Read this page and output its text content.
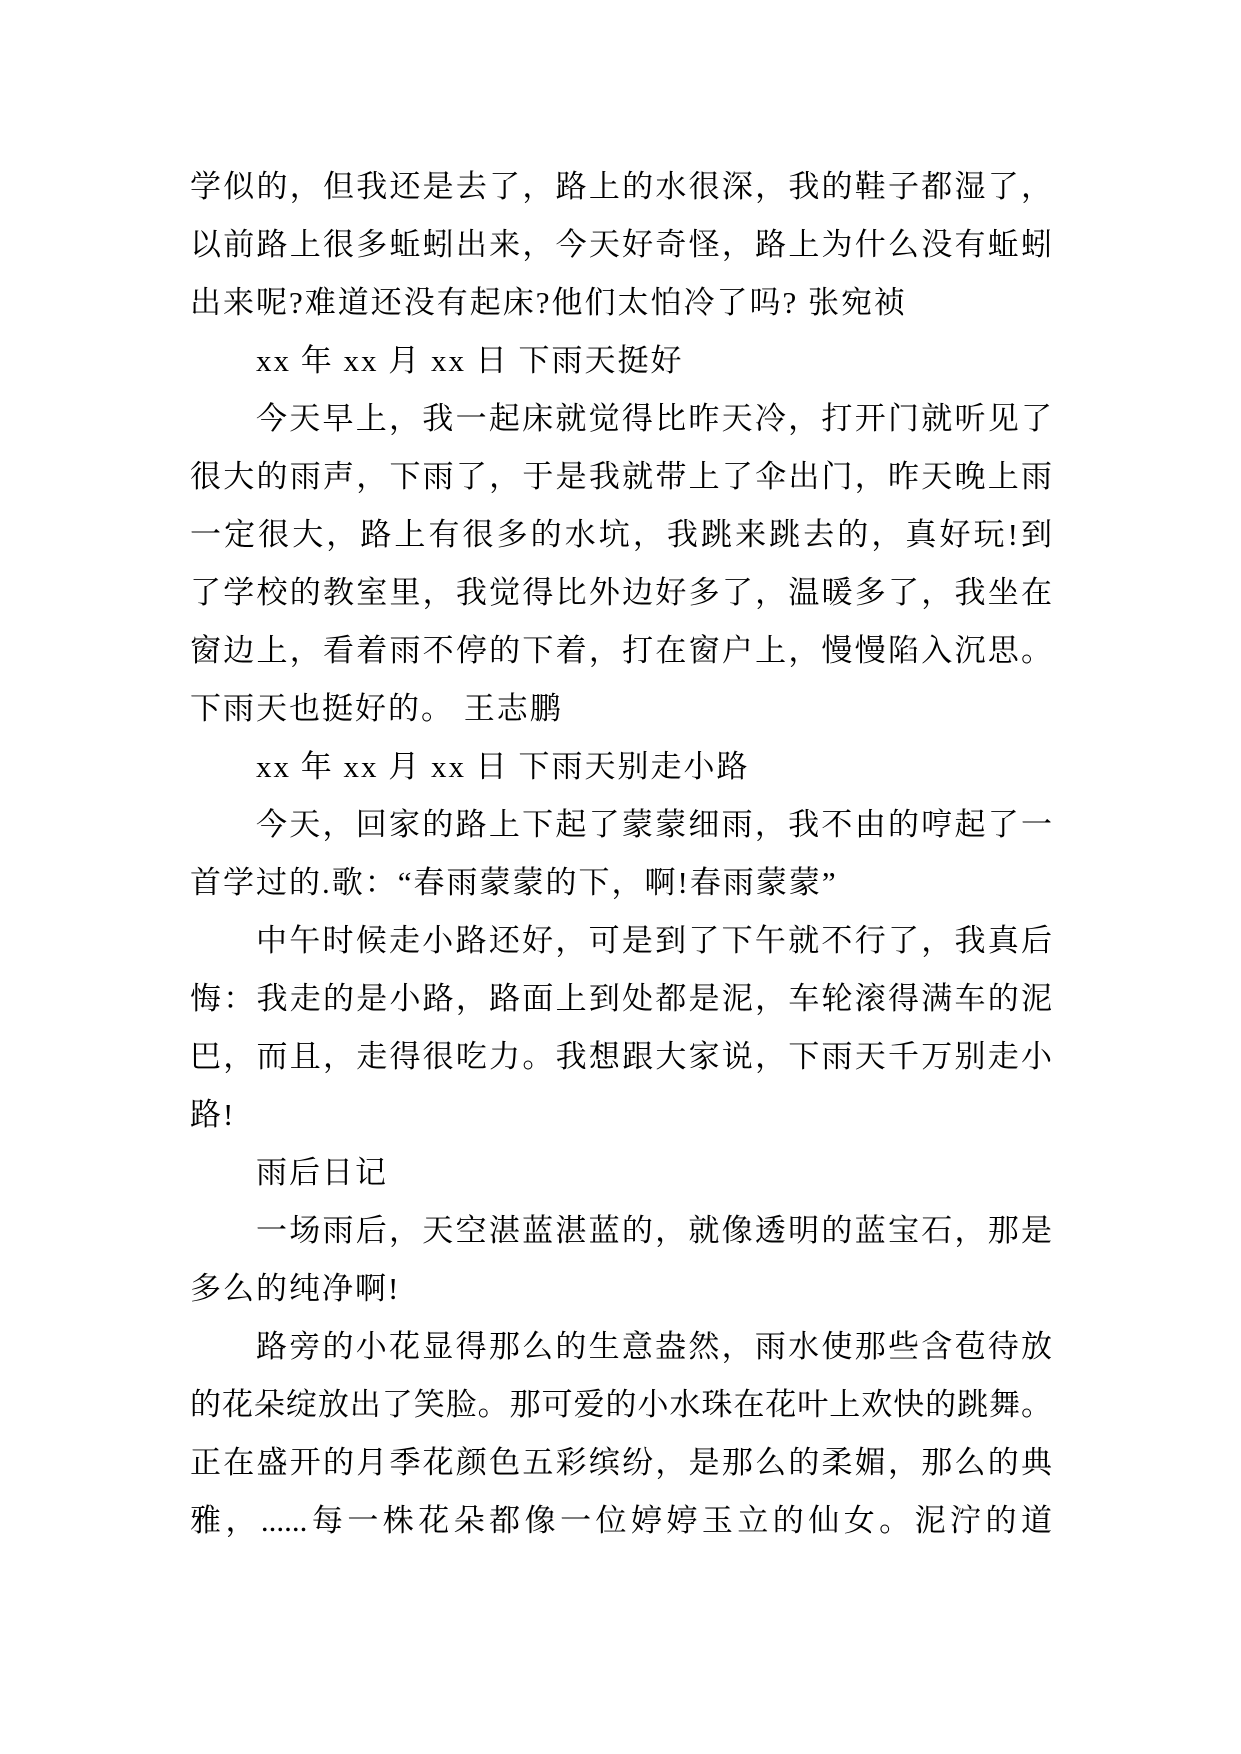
学似的，但我还是去了，路上的水很深，我的鞋子都湿了，
以前路上很多蚯蚓出来，今天好奇怪，路上为什么没有蚯蚓
出来呢?难道还没有起床?他们太怕冷了吗? 张宛祯
xx 年 xx 月 xx 日 下雨天挺好
今天早上，我一起床就觉得比昨天冷，打开门就听见了
很大的雨声，下雨了，于是我就带上了伞出门，昨天晚上雨
一定很大，路上有很多的水坑，我跳来跳去的，真好玩!到
了学校的教室里，我觉得比外边好多了，温暖多了，我坐在
窗边上，看着雨不停的下着，打在窗户上，慢慢陷入沉思。
下雨天也挺好的。 王志鹏
xx 年 xx 月 xx 日 下雨天别走小路
今天，回家的路上下起了蒙蒙细雨，我不由的哼起了一
首学过的.歌：“春雨蒙蒙的下，啊!春雨蒙蒙”
中午时候走小路还好，可是到了下午就不行了，我真后
悔：我走的是小路，路面上到处都是泥，车轮滚得满车的泥
巴，而且，走得很吃力。我想跟大家说，下雨天千万别走小
路!
雨后日记
一场雨后，天空湛蓝湛蓝的，就像透明的蓝宝石，那是
多么的纯净啊!
路旁的小花显得那么的生意盎然，雨水使那些含苞待放
的花朵绽放出了笑脸。那可爱的小水珠在花叶上欢快的跳舞。
正在盛开的月季花颜色五彩缤纷，是那么的柔媚，那么的典
雅，......每一株花朵都像一位婷婷玉立的仙女。泥泞的道
